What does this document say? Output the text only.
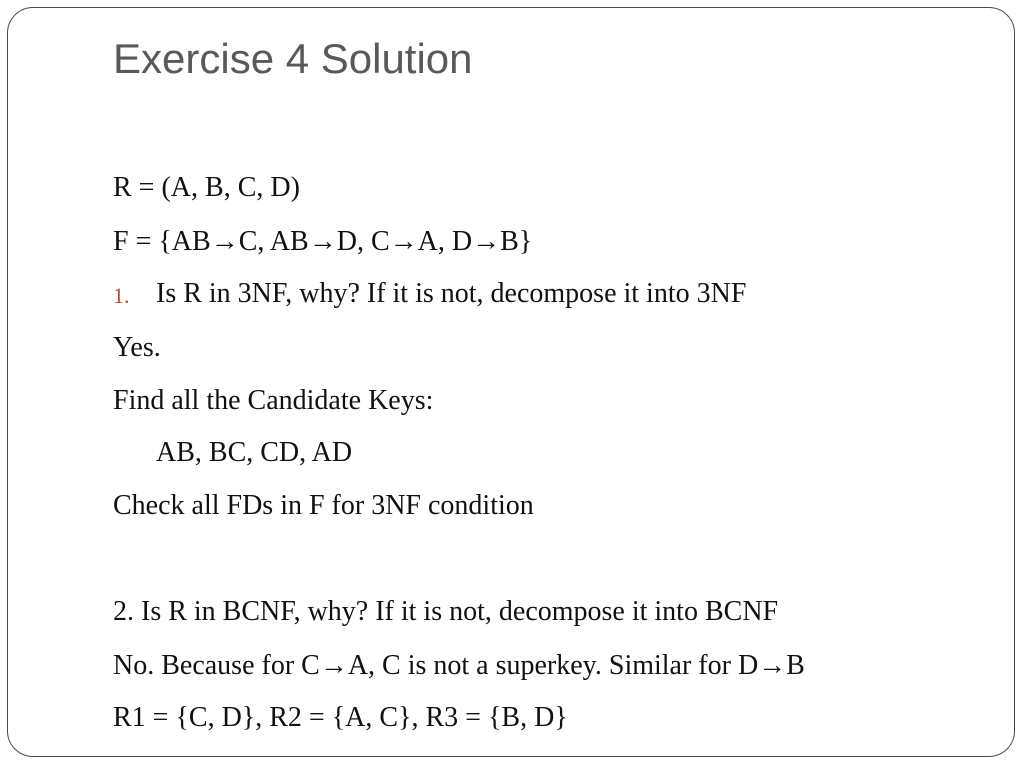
Exercise 4 Solution
R = (A, B, C, D)
F = {AB→C, AB→D, C→A, D→B}
1. Is R in 3NF, why? If it is not, decompose it into 3NF
Yes.
Find all the Candidate Keys:
AB, BC, CD, AD
Check all FDs in F for 3NF condition
2. Is R in BCNF, why? If it is not, decompose it into BCNF
No. Because for C→A, C is not a superkey. Similar for D→B
R1 = {C, D}, R2 = {A, C}, R3 = {B, D}
